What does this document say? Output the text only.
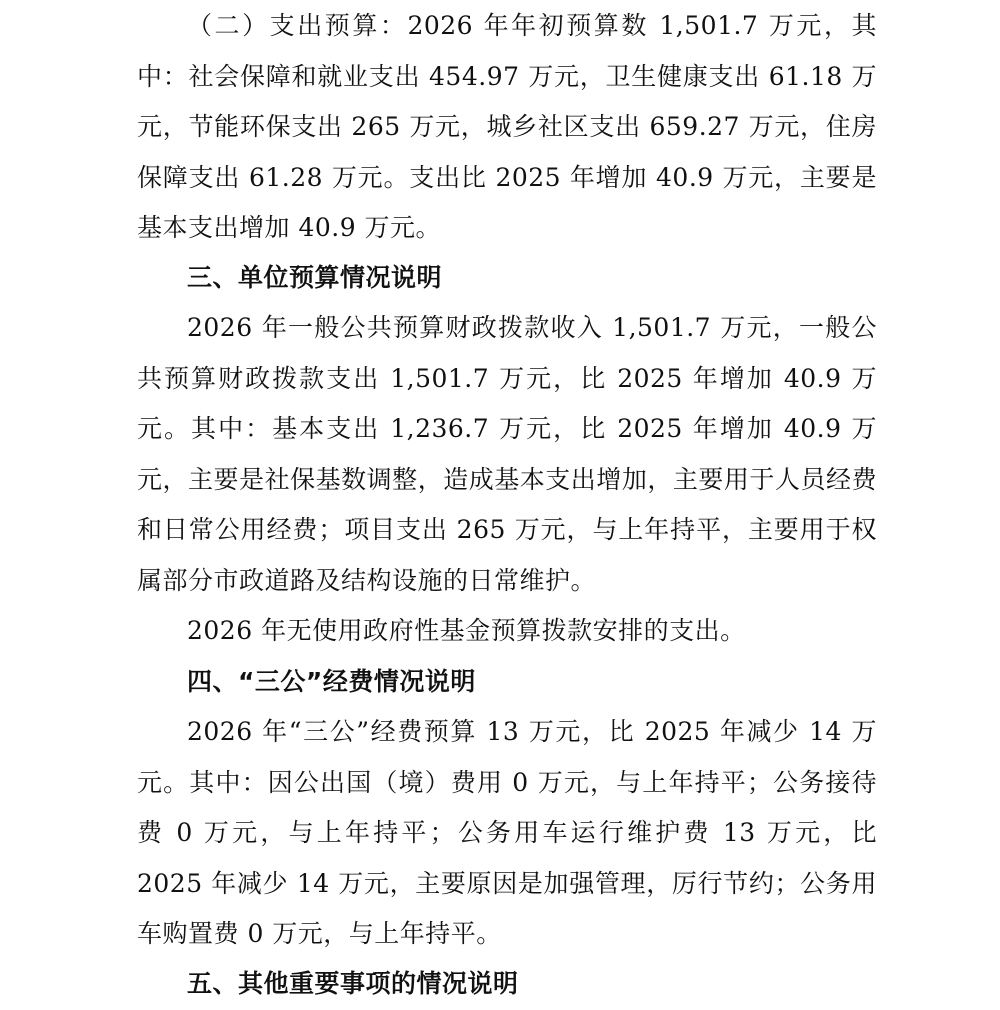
（二）支出预算：2026 年年初预算数 1,501.7 万元，其中：社会保障和就业支出 454.97 万元，卫生健康支出 61.18 万元，节能环保支出 265 万元，城乡社区支出 659.27 万元，住房保障支出 61.28 万元。支出比 2025 年增加 40.9 万元，主要是基本支出增加 40.9 万元。

三、单位预算情况说明

2026 年一般公共预算财政拨款收入 1,501.7 万元，一般公共预算财政拨款支出 1,501.7 万元，比 2025 年增加 40.9 万元。其中：基本支出 1,236.7 万元，比 2025 年增加 40.9 万元，主要是社保基数调整，造成基本支出增加，主要用于人员经费和日常公用经费；项目支出 265 万元，与上年持平，主要用于权属部分市政道路及结构设施的日常维护。

2026 年无使用政府性基金预算拨款安排的支出。

四、“三公”经费情况说明

2026 年“三公”经费预算 13 万元，比 2025 年减少 14 万元。其中：因公出国（境）费用 0 万元，与上年持平；公务接待费 0 万元，与上年持平；公务用车运行维护费 13 万元，比 2025 年减少 14 万元，主要原因是加强管理，厉行节约；公务用车购置费 0 万元，与上年持平。

五、其他重要事项的情况说明
